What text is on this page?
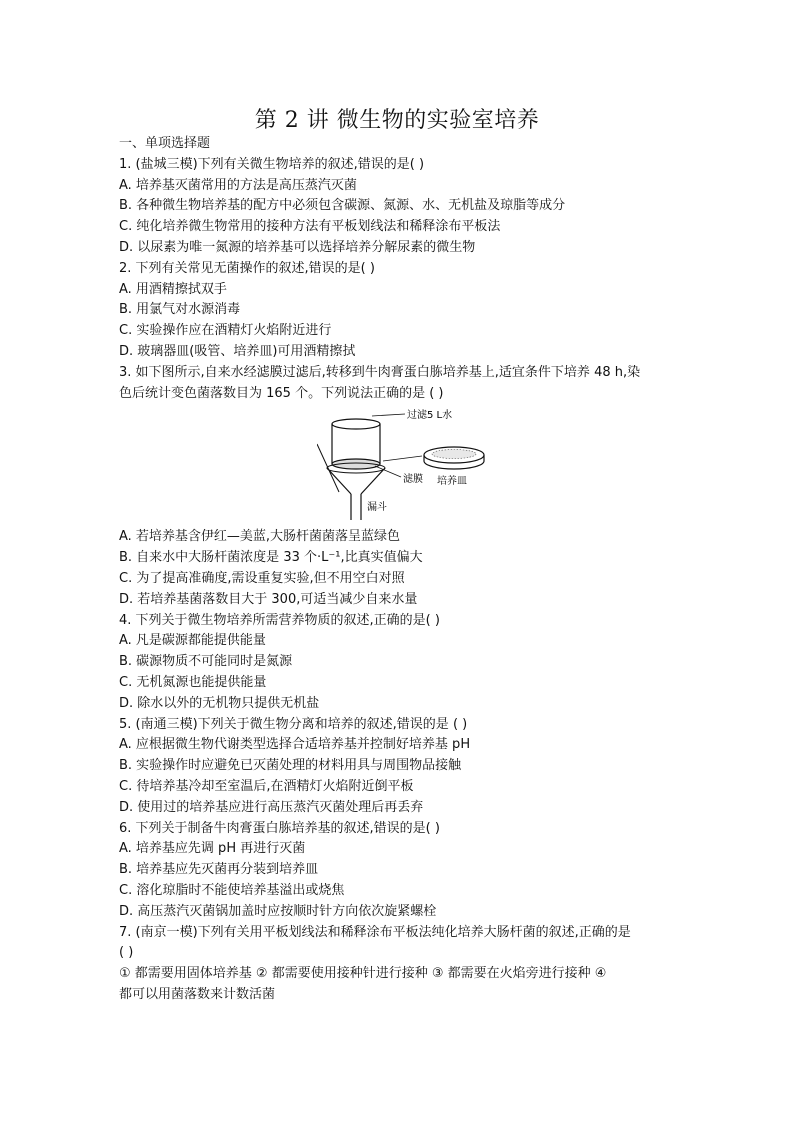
第 2 讲 微生物的实验室培养
一、单项选择题
1. (盐城三模)下列有关微生物培养的叙述,错误的是( )
A. 培养基灭菌常用的方法是高压蒸汽灭菌
B. 各种微生物培养基的配方中必须包含碳源、氮源、水、无机盐及琼脂等成分
C. 纯化培养微生物常用的接种方法有平板划线法和稀释涂布平板法
D. 以尿素为唯一氮源的培养基可以选择培养分解尿素的微生物
2. 下列有关常见无菌操作的叙述,错误的是( )
A. 用酒精擦拭双手
B. 用氯气对水源消毒
C. 实验操作应在酒精灯火焰附近进行
D. 玻璃器皿(吸管、培养皿)可用酒精擦拭
3. 如下图所示,自来水经滤膜过滤后,转移到牛肉膏蛋白胨培养基上,适宜条件下培养 48 h,染
色后统计变色菌落数目为 165 个。下列说法正确的是 ( )
过滤5 L水
滤膜
漏斗
培养皿
A. 若培养基含伊红—美蓝,大肠杆菌菌落呈蓝绿色
B. 自来水中大肠杆菌浓度是 33 个·L⁻¹,比真实值偏大
C. 为了提高准确度,需设重复实验,但不用空白对照
D. 若培养基菌落数目大于 300,可适当减少自来水量
4. 下列关于微生物培养所需营养物质的叙述,正确的是( )
A. 凡是碳源都能提供能量
B. 碳源物质不可能同时是氮源
C. 无机氮源也能提供能量
D. 除水以外的无机物只提供无机盐
5. (南通三模)下列关于微生物分离和培养的叙述,错误的是 ( )
A. 应根据微生物代谢类型选择合适培养基并控制好培养基 pH
B. 实验操作时应避免已灭菌处理的材料用具与周围物品接触
C. 待培养基冷却至室温后,在酒精灯火焰附近倒平板
D. 使用过的培养基应进行高压蒸汽灭菌处理后再丢弃
6. 下列关于制备牛肉膏蛋白胨培养基的叙述,错误的是( )
A. 培养基应先调 pH 再进行灭菌
B. 培养基应先灭菌再分装到培养皿
C. 溶化琼脂时不能使培养基溢出或烧焦
D. 高压蒸汽灭菌锅加盖时应按顺时针方向依次旋紧螺栓
7. (南京一模)下列有关用平板划线法和稀释涂布平板法纯化培养大肠杆菌的叙述,正确的是
( )
① 都需要用固体培养基 ② 都需要使用接种针进行接种 ③ 都需要在火焰旁进行接种 ④
都可以用菌落数来计数活菌
